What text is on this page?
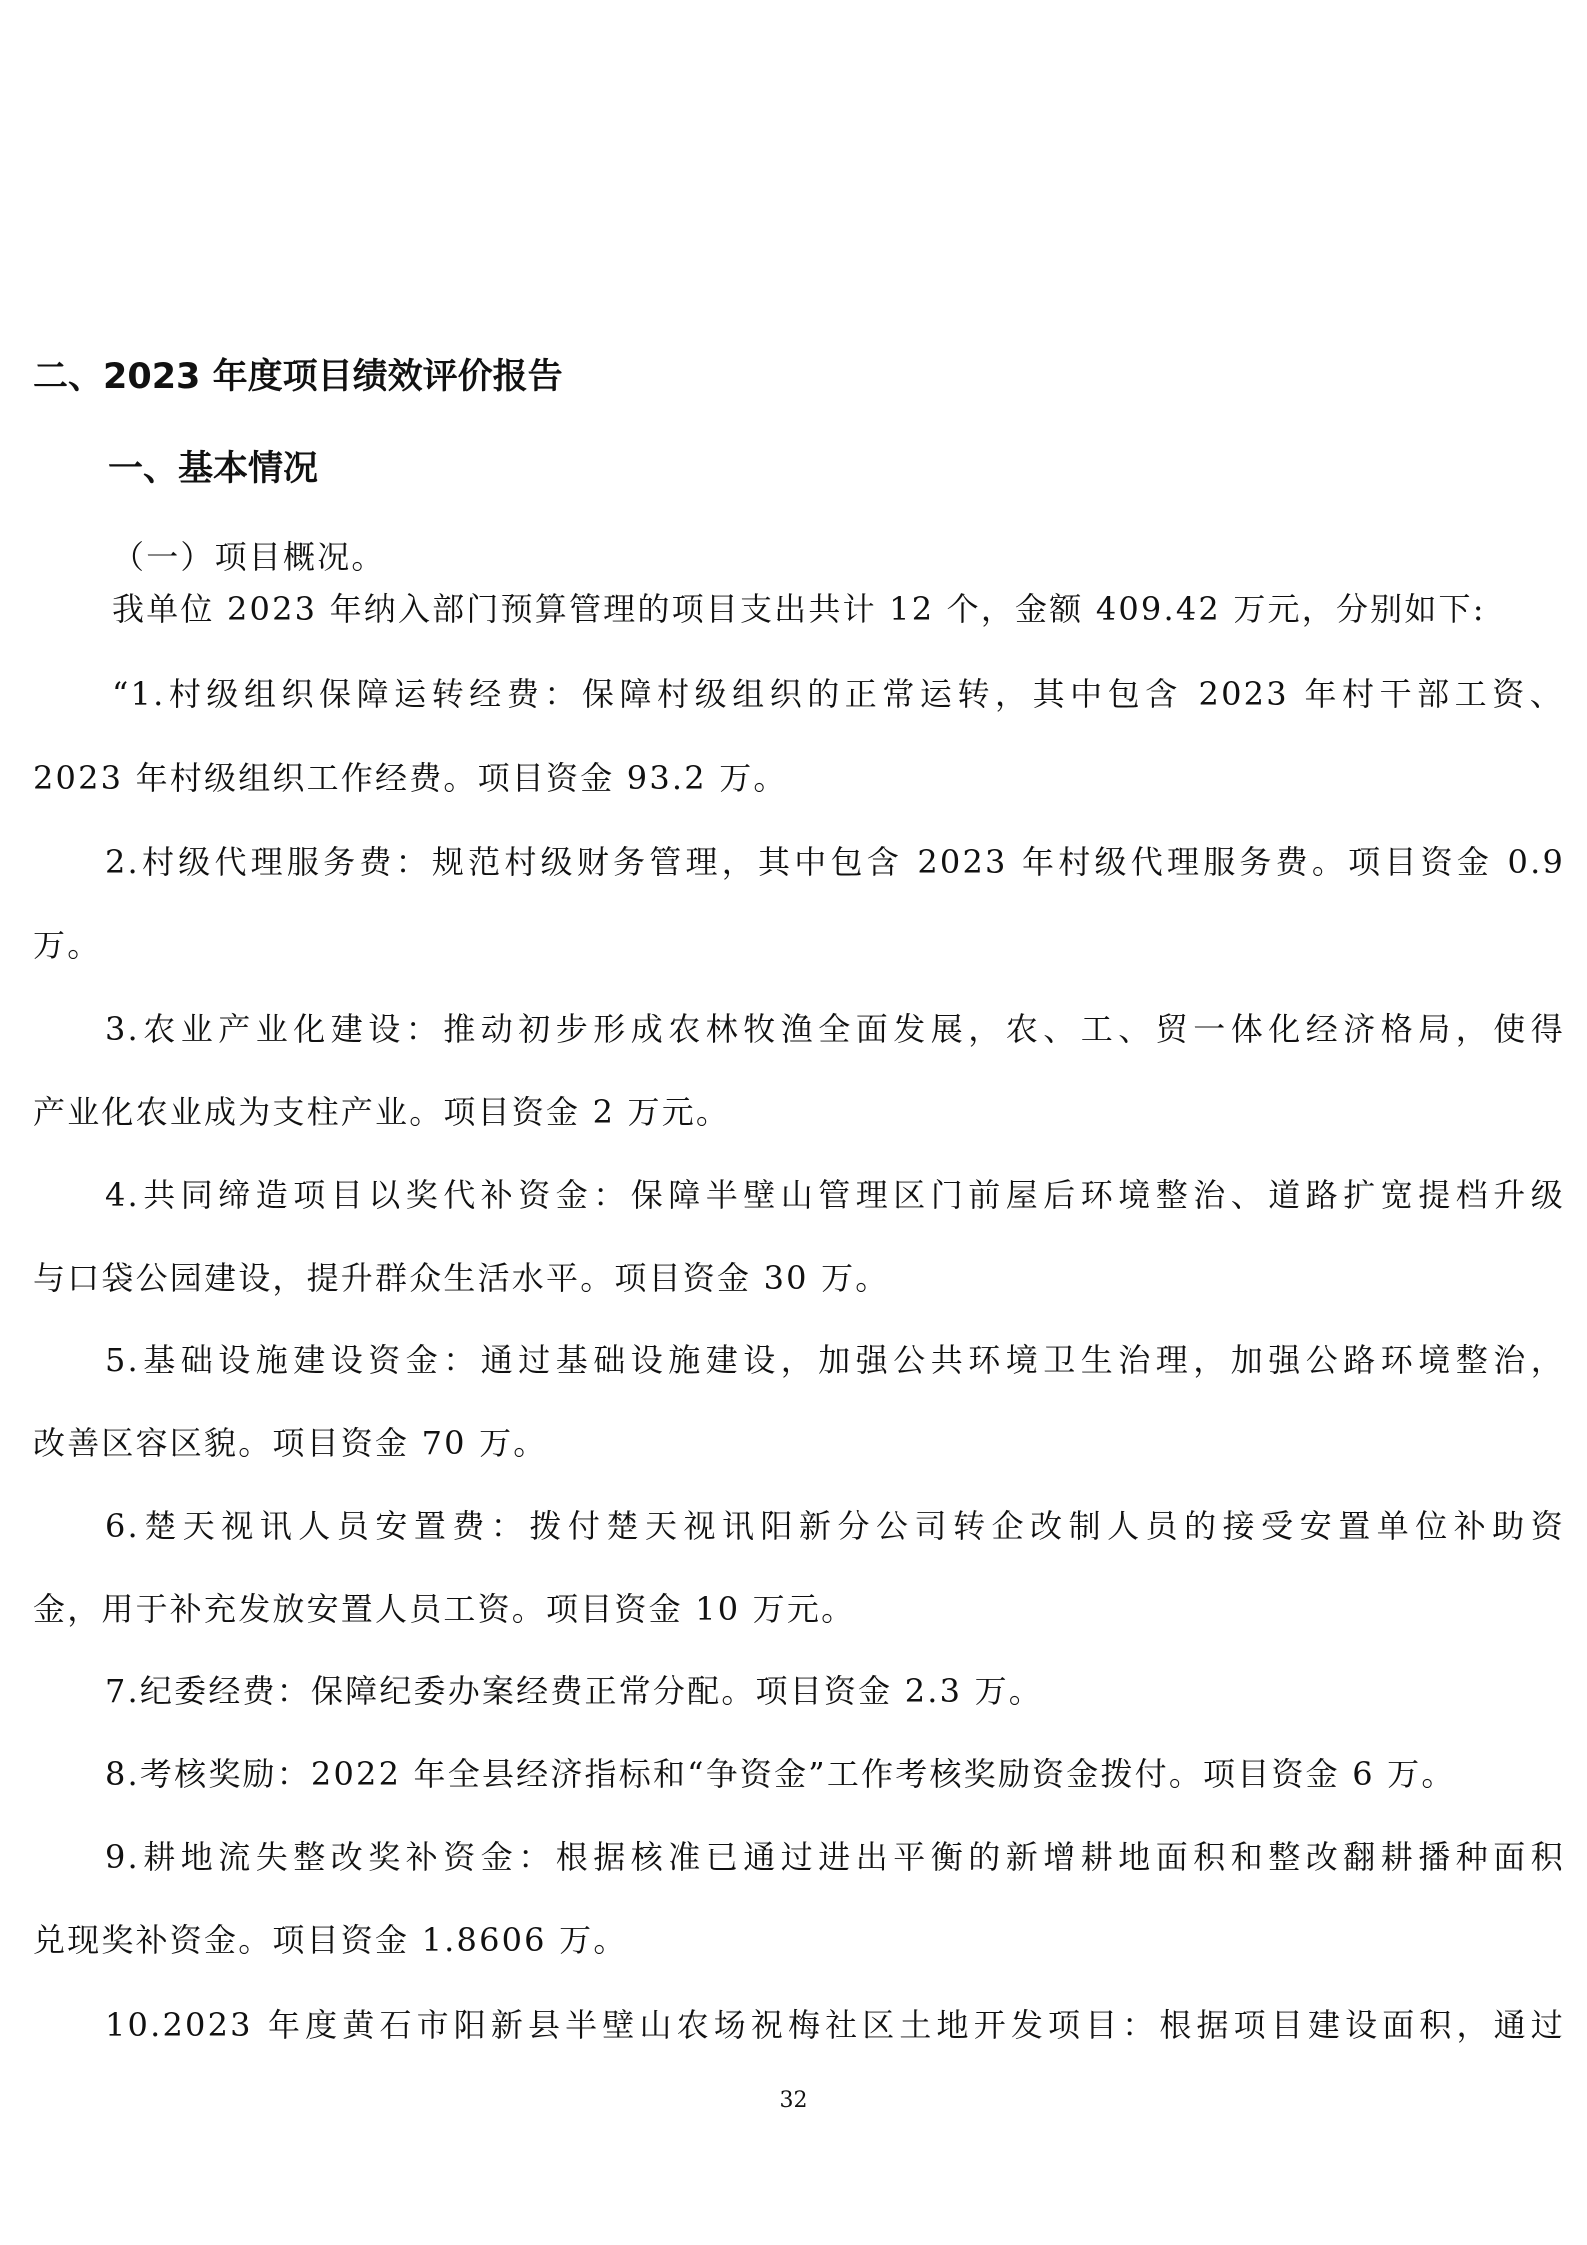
二、2023 年度项目绩效评价报告
一、基本情况
（一）项目概况。
我单位 2023 年纳入部门预算管理的项目支出共计 12 个，金额 409.42 万元，分别如下:
“1.村级组织保障运转经费：保障村级组织的正常运转，其中包含 2023 年村干部工资、
2023 年村级组织工作经费。项目资金 93.2 万。
2.村级代理服务费：规范村级财务管理，其中包含 2023 年村级代理服务费。项目资金 0.9
万。
3.农业产业化建设：推动初步形成农林牧渔全面发展，农、工、贸一体化经济格局，使得
产业化农业成为支柱产业。项目资金 2 万元。
4.共同缔造项目以奖代补资金：保障半壁山管理区门前屋后环境整治、道路扩宽提档升级
与口袋公园建设，提升群众生活水平。项目资金 30 万。
5.基础设施建设资金：通过基础设施建设，加强公共环境卫生治理，加强公路环境整治，
改善区容区貌。项目资金 70 万。
6.楚天视讯人员安置费：拨付楚天视讯阳新分公司转企改制人员的接受安置单位补助资
金，用于补充发放安置人员工资。项目资金 10 万元。
7.纪委经费：保障纪委办案经费正常分配。项目资金 2.3 万。
8.考核奖励：2022 年全县经济指标和“争资金”工作考核奖励资金拨付。项目资金 6 万。
9.耕地流失整改奖补资金：根据核准已通过进出平衡的新增耕地面积和整改翻耕播种面积
兑现奖补资金。项目资金 1.8606 万。
10.2023 年度黄石市阳新县半壁山农场祝梅社区土地开发项目：根据项目建设面积，通过
32
